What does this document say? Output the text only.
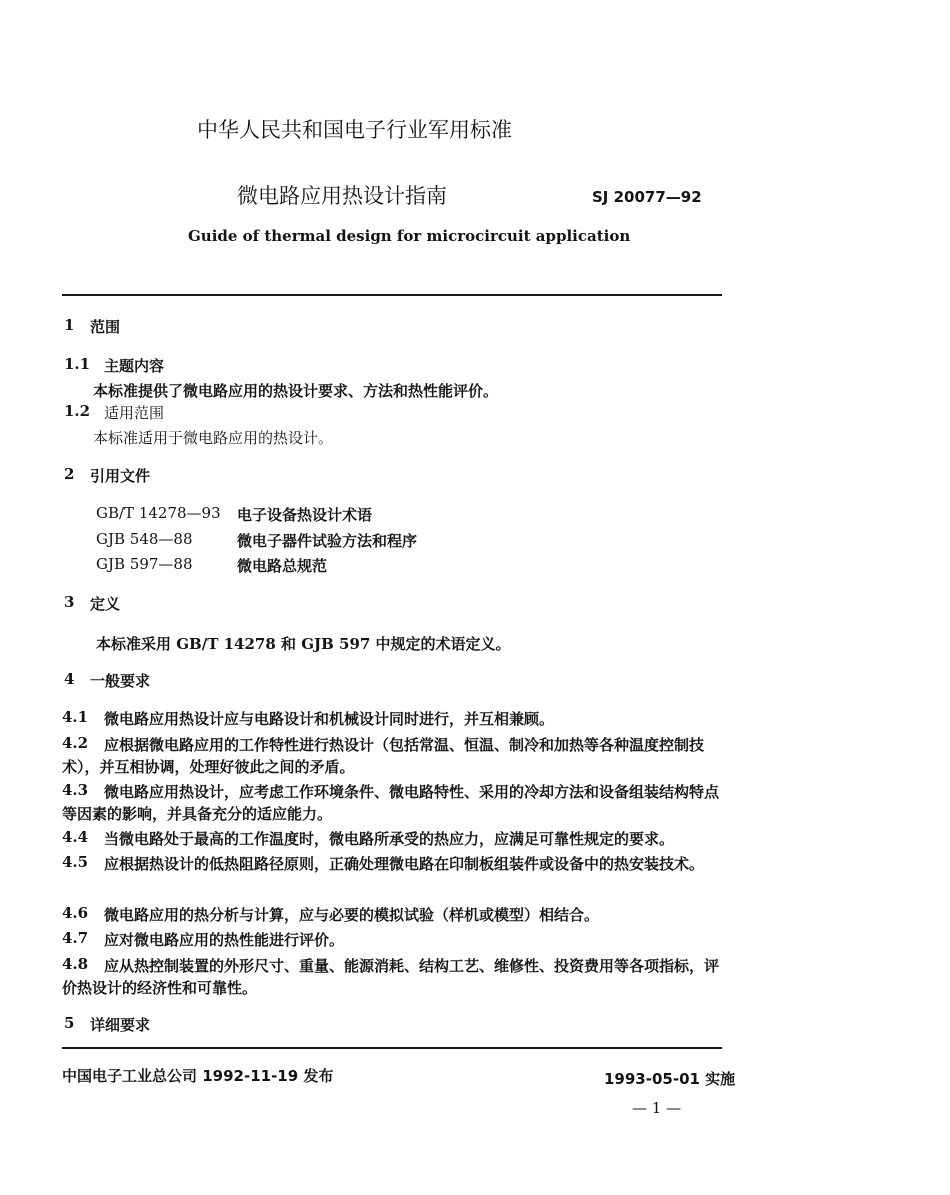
中华人民共和国电子行业军用标准
微电路应用热设计指南	SJ 20077—92
Guide of thermal design for microcircuit application
1 范围
1.1 主题内容
本标准提供了微电路应用的热设计要求、方法和热性能评价。
1.2 适用范围
本标准适用于微电路应用的热设计。
2 引用文件
GB/T 14278—93 电子设备热设计术语
GJB 548—88	微电子器件试验方法和程序
GJB 597—88	微电路总规范
3 定义
本标准采用 GB/T 14278 和 GJB 597 中规定的术语定义。
4 一般要求
4.1 微电路应用热设计应与电路设计和机械设计同时进行，并互相兼顾。
4.2	应根据微电路应用的工作特性进行热设计（包括常温、恒温、制冷和加热等各种温度控制技术），并互相协调，处理好彼此之间的矛盾。
4.3	微电路应用热设计，应考虑工作环境条件、微电路特性、采用的冷却方法和设备组装结构特点等因素的影响，并具备充分的适应能力。
4.4 当微电路处于最高的工作温度时，微电路所承受的热应力，应满足可靠性规定的要求。
4.5	应根据热设计的低热阻路径原则，正确处理微电路在印制板组装件或设备中的热安装技术。
4.6 微电路应用的热分析与计算，应与必要的模拟试验（样机或模型）相结合。
4.7 应对微电路应用的热性能进行评价。
4.8	应从热控制装置的外形尺寸、重量、能源消耗、结构工艺、维修性、投资费用等各项指标，评价热设计的经济性和可靠性。
5 详细要求
中国电子工业总公司 1992-11-19 发布	1993-05-01 实施
— 1 —
